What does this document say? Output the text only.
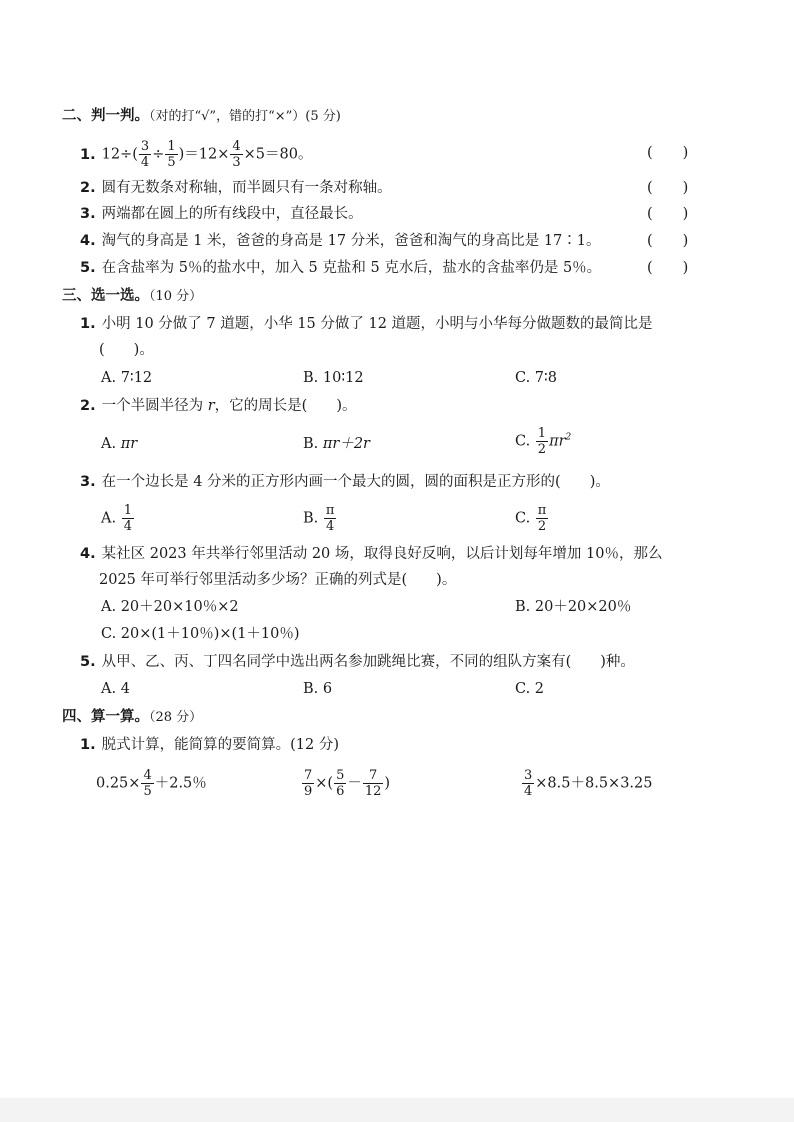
二、判一判。（对的打“√”，错的打“×”）(5 分)
1. $12\div( \frac{3}{4} \div \frac{1}{5} )=12\times \frac{4}{3} \times 5=80$。	()
2. 圆有无数条对称轴，而半圆只有一条对称轴。	()
3. 两端都在圆上的所有线段中，直径最长。	()
4. 淘气的身高是 1 米，爸爸的身高是 17 分米，爸爸和淘气的身高比是 17∶1。	()
5. 在含盐率为 5％的盐水中，加入 5 克盐和 5 克水后，盐水的含盐率仍是 5％。	()
三、选一选。（10 分）
1. 小明 10 分做了 7 道题，小华 15 分做了 12 道题，小明与小华每分做题数的最简比是
(　　)。
A. 7∶12	B. 10∶12	C. 7∶8
2. 一个半圆半径为 r，它的周长是(　　)。
A. πr	B. πr＋2r	C. $\frac{1}{2} \pi r^2$
3. 在一个边长是 4 分米的正方形内画一个最大的圆，圆的面积是正方形的(　　)。
A. $\frac{1}{4}$	B. $\frac{\pi}{4}$	C. $\frac{\pi}{2}$
4. 某社区 2023 年共举行邻里活动 20 场，取得良好反响，以后计划每年增加 10％，那么
2025 年可举行邻里活动多少场？正确的列式是(　　)。
A. 20＋20×10％×2	B. 20＋20×20％
C. 20×(1＋10％)×(1＋10％)
5. 从甲、乙、丙、丁四名同学中选出两名参加跳绳比赛，不同的组队方案有(　　)种。
A. 4	B. 6	C. 2
四、算一算。（28 分）
1. 脱式计算，能简算的要简算。(12 分)
$0.25\times \frac{4}{5} +2.5$％	$\frac{7}{9}$ ×( $\frac{5}{6} - \frac{7}{12}$ )	$\frac{3}{4} \times 8.5+8.5\times 3.25$
